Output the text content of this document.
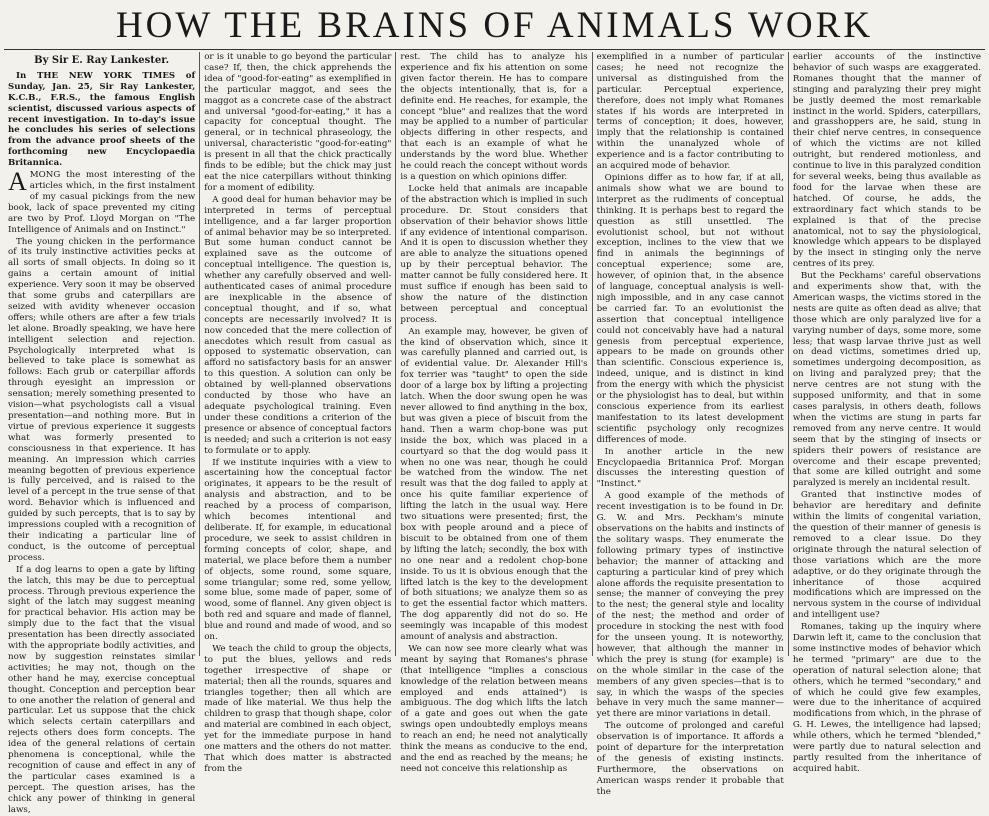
HOW THE BRAINS OF ANIMALS WORK
By Sir E. Ray Lankester.

In THE NEW YORK TIMES of Sunday, Jan. 25, Sir Ray Lankester, K.C.B., F.R.S., the famous English scientist, discussed various aspects of recent investigation. In to-day's issue he concludes his series of selections from the advance proof sheets of the forthcoming new Encyclopaedia Britannica.

AMONG the most interesting of the articles which, in the first instalment of my casual pickings from the new book, lack of space prevented my citing are two by Prof. Lloyd Morgan on "The Intelligence of Animals and on Instinct."

The young chicken in the performance of its truly instinctive activities pecks at all sorts of small objects. In doing so it gains a certain amount of initial experience. Very soon it may be observed that some grubs and caterpillars are seized with avidity whenever occasion offers; while others are after a few trials let alone. Broadly speaking, we have here intelligent selection and rejection. Psychologically interpreted what is believed to take place is somewhat as follows: Each grub or caterpillar affords through eyesight an impression or sensation; merely something presented to vision—what psychologists call a visual presentation—and nothing more. But in virtue of previous experience it suggests what was formerly presented to consciousness in that experience. It has meaning. An impression which carries meaning begotten of previous experience is fully perceived, and is raised to the level of a percept in the true sense of that word. Behavior which is influenced and guided by such percepts, that is to say by impressions coupled with a recognition of their indicating a particular line of conduct, is the outcome of perceptual process.

If a dog learns to open a gate by lifting the latch, this may be due to perceptual process. Through previous experience the sight of the latch may suggest meaning for practical behavior. His action may be simply due to the fact that the visual presentation has been directly associated with the appropriate bodily activities, and now by suggestion reinstates similar activities; he may not, though on the other hand he may, exercise conceptual thought. Conception and perception bear to one another the relation of general and particular. Let us suppose that the chick which selects certain caterpillars and rejects others does form concepts. The idea of the general relations of certain phenomena is conceptional, while the recognition of cause and effect in any of the particular cases examined is a percept. The question arises, has the chick any power of thinking in general laws,

or is it unable to go beyond the particular case? If, then, the chick apprehends the idea of "good-for-eating" as exemplified in the particular maggot, and sees the maggot as a concrete case of the abstract and universal "good-for-eating," it has a capacity for conceptual thought. The general, or in technical phraseology, the universal, characteristic "good-for-eating" is present in all that the chick practically finds to be edible; but the chick may just eat the nice caterpillars without thinking for a moment of edibility.

A good deal for human behavior may be interpreted in terms of perceptual intelligence, and a far larger proportion of animal behavior may be so interpreted. But some human conduct cannot be explained save as the outcome of conceptual intelligence. The question is, whether any carefully observed and well-authenticated cases of animal procedure are inexplicable in the absence of conceptual thought, and if so, what concepts are necessarily involved? It is now conceded that the mere collection of anecdotes which result from casual as opposed to systematic observation, can afford no satisfactory basis for an answer to this question. A solution can only be obtained by well-planned observations conducted by those who have an adequate psychological training. Even under these conditions a criterion of the presence or absence of conceptual factors is needed; and such a criterion is not easy to formulate or to apply.

If we institute inquiries with a view to ascertaining how the conceptual factor originates, it appears to be the result of analysis and abstraction, and to be reached by a process of comparison, which becomes intentional and deliberate. If, for example, in educational procedure, we seek to assist children in forming concepts of color, shape, and material, we place before them a number of objects, some round, some square, some triangular; some red, some yellow, some blue, some made of paper, some of wood, some of flannel. Any given object is both red and square and made of flannel, blue and round and made of wood, and so on.

We teach the child to group the objects, to put the blues, yellows and reds together irrespective of shape or material; then all the rounds, squares and triangles together; then all which are made of like material. We thus help the children to grasp that though shape, color and material are combined in each object, yet for the immediate purpose in hand one matters and the others do not matter. That which does matter is abstracted from the

rest. The child has to analyze his experience and fix his attention on some given factor therein. He has to compare the objects intentionally, that is, for a definite end. He reaches, for example, the concept "blue" and realizes that the word may be applied to a number of particular objects differing in other respects, and that each is an example of what he understands by the word blue. Whether he could reach the concept without words is a question on which opinions differ.

Locke held that animals are incapable of the abstraction which is implied in such procedure. Dr. Stout considers that observation of their behavior shows little if any evidence of intentional comparison. And it is open to discussion whether they are able to analyze the situations opened up by their perceptual behavior. The matter cannot be fully considered here. It must suffice if enough has been said to show the nature of the distinction between perceptual and conceptual process.

An example may, however, be given of the kind of observation which, since it was carefully planned and carried out, is of evidential value. Dr. Alexander Hill's fox terrier was "taught" to open the side door of a large box by lifting a projecting latch. When the door swung open he was never allowed to find anything in the box, but was given a piece of biscuit from the hand. Then a warm chop-bone was put inside the box, which was placed in a courtyard so that the dog would pass it when no one was near, though he could be watched from the window. The net result was that the dog failed to apply at once his quite familiar experience of lifting the latch in the usual way. Here two situations were presented; first, the box with people around and a piece of biscuit to be obtained from one of them by lifting the latch; secondly, the box with no one near and a redolent chop-bone inside. To us it is obvious enough that the lifted latch is the key to the development of both situations; we analyze them so as to get the essential factor which matters. The dog apparently did not do so. He seemingly was incapable of this modest amount of analysis and abstraction.

We can now see more clearly what was meant by saying that Romanes's phrase (that intelligence "implies a conscious knowledge of the relation between means employed and ends attained") is ambiguous. The dog which lifts the latch of a gate and goes out when the gate swings open undoubtedly employs means to reach an end; he need not analytically think the means as conducive to the end, and the end as reached by the means; he need not conceive this relationship as

exemplified in a number of particular cases; he need not recognize the universal as distinguished from the particular. Perceptual experience, therefore, does not imply what Romanes states if his words are interpreted in terms of conception; it does, however, imply that the relationship is contained within the unanalyzed whole of experience and is a factor contributing to an acquired mode of behavior.

Opinions differ as to how far, if at all, animals show what we are bound to interpret as the rudiments of conceptual thinking. It is perhaps best to regard the question as still unsettled. The evolutionist school, but not without exception, inclines to the view that we find in animals the beginnings of conceptual experience; some are, however, of opinion that, in the absence of language, conceptual analysis is well-nigh impossible, and in any case cannot be carried far. To an evolutionist the assertion that conceptual intelligence could not conceivably have had a natural genesis from perceptual experience, appears to be made on grounds other than scientific. Conscious experience is, indeed, unique, and is distinct in kind from the energy with which the physicist or the physiologist has to deal, but within conscious experience from its earliest manifestation to its latest development scientific psychology only recognizes differences of mode.

In another article in the new Encyclopaedia Britannica Prof. Morgan discusses the interesting question of "Instinct."

A good example of the methods of recent investigation is to be found in Dr. G. W. and Mrs. Peckham's minute observations on the habits and instincts of the solitary wasps. They enumerate the following primary types of instinctive behavior; the manner of attacking and capturing a particular kind of prey which alone affords the requisite presentation to sense; the manner of conveying the prey to the nest; the general style and locality of the nest; the method and order of procedure in stocking the nest with food for the unseen young. It is noteworthy, however, that although the manner in which the prey is stung (for example) is on the whole similar in the case of the members of any given species—that is to say, in which the wasps of the species behave in very much the same manner—yet there are minor variations in detail.

The outcome of prolonged and careful observation is of importance. It affords a point of departure for the interpretation of the genesis of existing instincts. Furthermore, the observations on American wasps render it probable that the

earlier accounts of the instinctive behavior of such wasps are exaggerated. Romanes thought that the manner of stinging and paralyzing their prey might be justly deemed the most remarkable instinct in the world. Spiders, caterpillars, and grasshoppers are, he said, stung in their chief nerve centres, in consequence of which the victims are not killed outright, but rendered motionless, and continue to live in this paralyzed condition for several weeks, being thus available as food for the larvae when these are hatched. Of course, he adds, the extraordinary fact which stands to be explained is that of the precise anatomical, not to say the physiological, knowledge which appears to be displayed by the insect in stinging only the nerve centres of its prey.

But the Peckhams' careful observations and experiments show that, with the American wasps, the victims stored in the nests are quite as often dead as alive; that those which are only paralyzed live for a varying number of days, some more, some less; that wasp larvae thrive just as well on dead victims, sometimes dried up, sometimes undergoing decomposition, as on living and paralyzed prey; that the nerve centres are not stung with the supposed uniformity, and that in some cases paralysis, in others death, follows when the victims are stung in parts far removed from any nerve centre. It would seem that by the stinging of insects or spiders their powers of resistance are overcome and their escape prevented; that some are killed outright and some paralyzed is merely an incidental result.

Granted that instinctive modes of behavior are hereditary and definite within the limits of congenital variation, the question of their manner of genesis is removed to a clear issue. Do they originate through the natural selection of those variations which are the more adaptive, or do they originate through the inheritance of those acquired modifications which are impressed on the nervous system in the course of individual and intelligent use?

Romanes, taking up the inquiry where Darwin left it, came to the conclusion that some instinctive modes of behavior which he termed "primary" are due to the operation of natural selection alone; that others, which he termed "secondary," and of which he could give few examples, were due to the inheritance of acquired modifications from which, in the phrase of G. H. Lewes, the intelligence had lapsed; while others, which he termed "blended," were partly due to natural selection and partly resulted from the inheritance of acquired habit.
